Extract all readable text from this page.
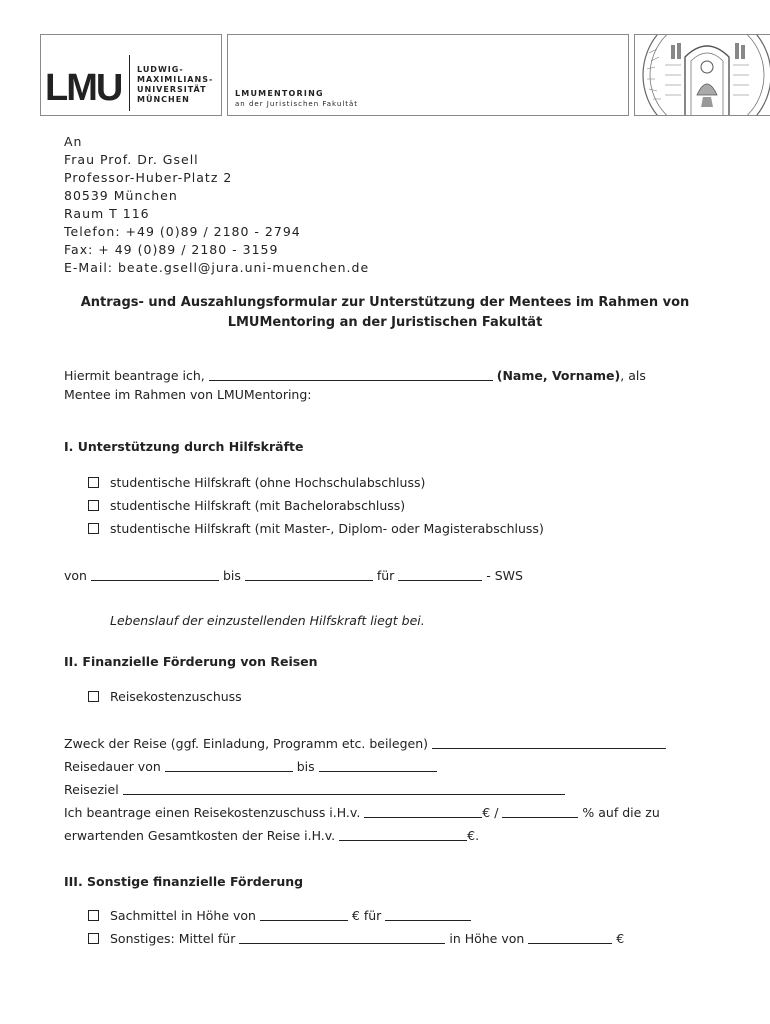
LMU LUDWIG-
MAXIMILIANS-
UNIVERSITÄT
MÜNCHEN
LMUMENTORING
an der Juristischen Fakultät
An
Frau Prof. Dr. Gsell
Professor-Huber-Platz 2
80539 München
Raum T 116
Telefon: +49 (0)89 / 2180 - 2794
Fax: + 49 (0)89 / 2180 - 3159
E-Mail: beate.gsell@jura.uni-muenchen.de
Antrags- und Auszahlungsformular zur Unterstützung der Mentees im Rahmen von
LMUMentoring an der Juristischen Fakultät
Hiermit beantrage ich,	(Name, Vorname), als
Mentee im Rahmen von LMUMentoring:
I. Unterstützung durch Hilfskräfte
studentische Hilfskraft (ohne Hochschulabschluss)
studentische Hilfskraft (mit Bachelorabschluss)
studentische Hilfskraft (mit Master-, Diplom- oder Magisterabschluss)
von	bis	für	- SWS
Lebenslauf der einzustellenden Hilfskraft liegt bei.
II. Finanzielle Förderung von Reisen
Reisekostenzuschuss
Zweck der Reise (ggf. Einladung, Programm etc. beilegen)
Reisedauer von	bis
Reiseziel
Ich beantrage einen Reisekostenzuschuss i.H.v.	€ /	% auf die zu
erwartenden Gesamtkosten der Reise i.H.v.	€.
III. Sonstige finanzielle Förderung
Sachmittel in Höhe von	€ für
Sonstiges: Mittel für	in Höhe von	€
